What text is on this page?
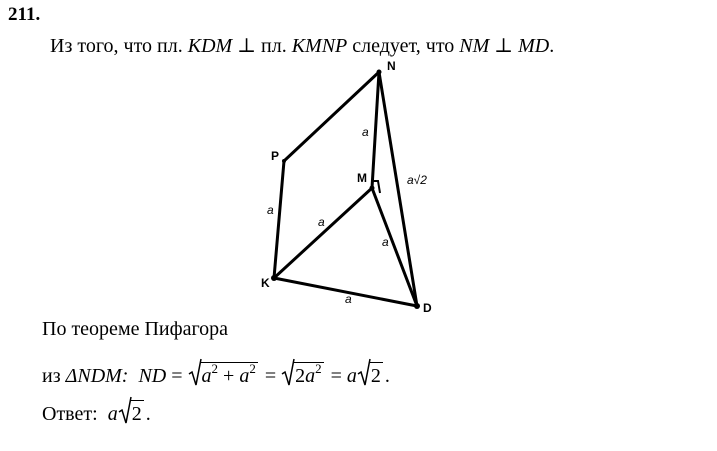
211.
Из того, что пл. KDM ⊥ пл. KMNP следует, что NM ⊥ MD.
N
P
M
K
D
a
a
a
a
a
a√2
По теореме Пифагора
из
ΔNDM:
ND = $a^2 + a^2 = 2a^2 = a$ 2 .
Ответ:
a 2 .
